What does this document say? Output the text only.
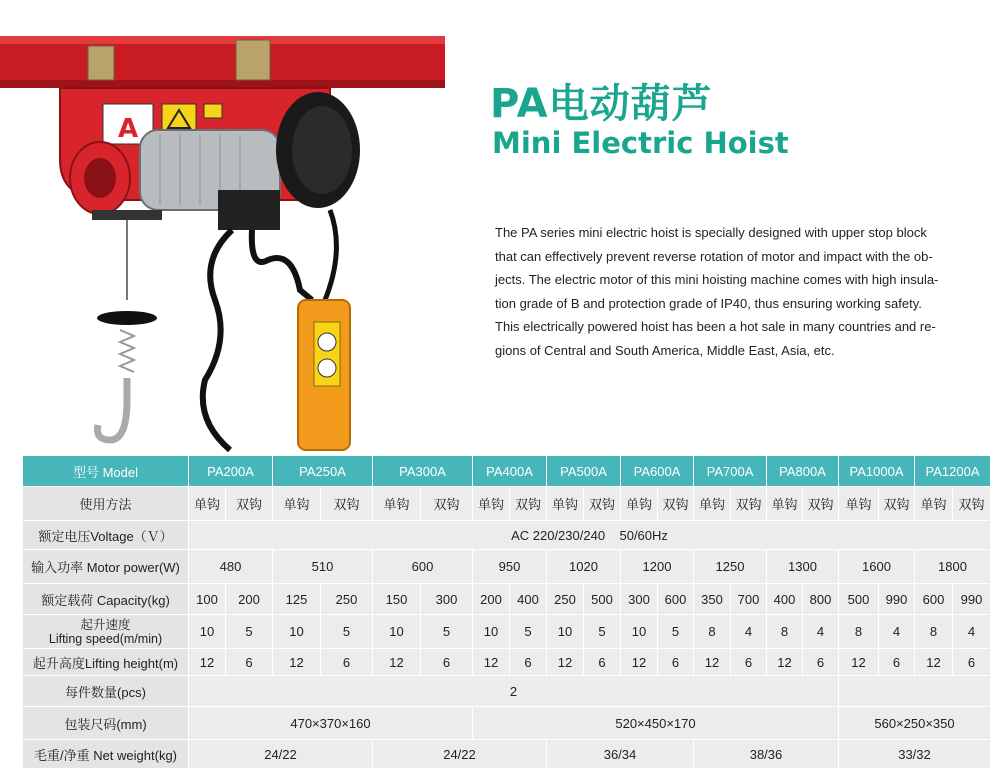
A
PA电动葫芦
Mini Electric Hoist

The PA series mini electric hoist is specially designed with upper stop block

that can effectively prevent reverse rotation of motor and impact with the ob-

jects. The electric motor of this mini hoisting machine comes with high insula-

tion grade of B and protection grade of IP40, thus ensuring working safety.

This electrically powered hoist has been a hot sale in many countries and re-

gions of Central and South America, Middle East, Asia, etc.

型号 Model	PA200A		PA250A		PA300A		PA400A		PA500A		PA600A		PA700A		PA800A		PA1000A		PA1200A	
使用方法	单钩	双钩	单钩	双钩	单钩	双钩	单钩	双钩	单钩	双钩	单钩	双钩	单钩	双钩	单钩	双钩	单钩	双钩	单钩	双钩
额定电压Voltage（Ｖ）	AC 220/230/240    50/60Hz																			
输入功率 Motor power(W)	480		510		600		950		1020		1200		1250		1300		1600		1800	
额定载荷 Capacity(kg)	100	200	125	250	150	300	200	400	250	500	300	600	350	700	400	800	500	990	600	990

起升速度
Lifting speed(m/min)	10	5	10	5	10	5	10	5	10	5	10	5	8	4	8	4	8	4	8	4
起升高度Lifting height(m)	12	6	12	6	12	6	12	6	12	6	12	6	12	6	12	6	12	6	12	6
每件数量(pcs)	2																			
包装尺码(mm)	470×370×160						520×450×170										560×250×350			
毛重/净重 Net weight(kg)	24/22				24/22				36/34				38/36				33/32			
